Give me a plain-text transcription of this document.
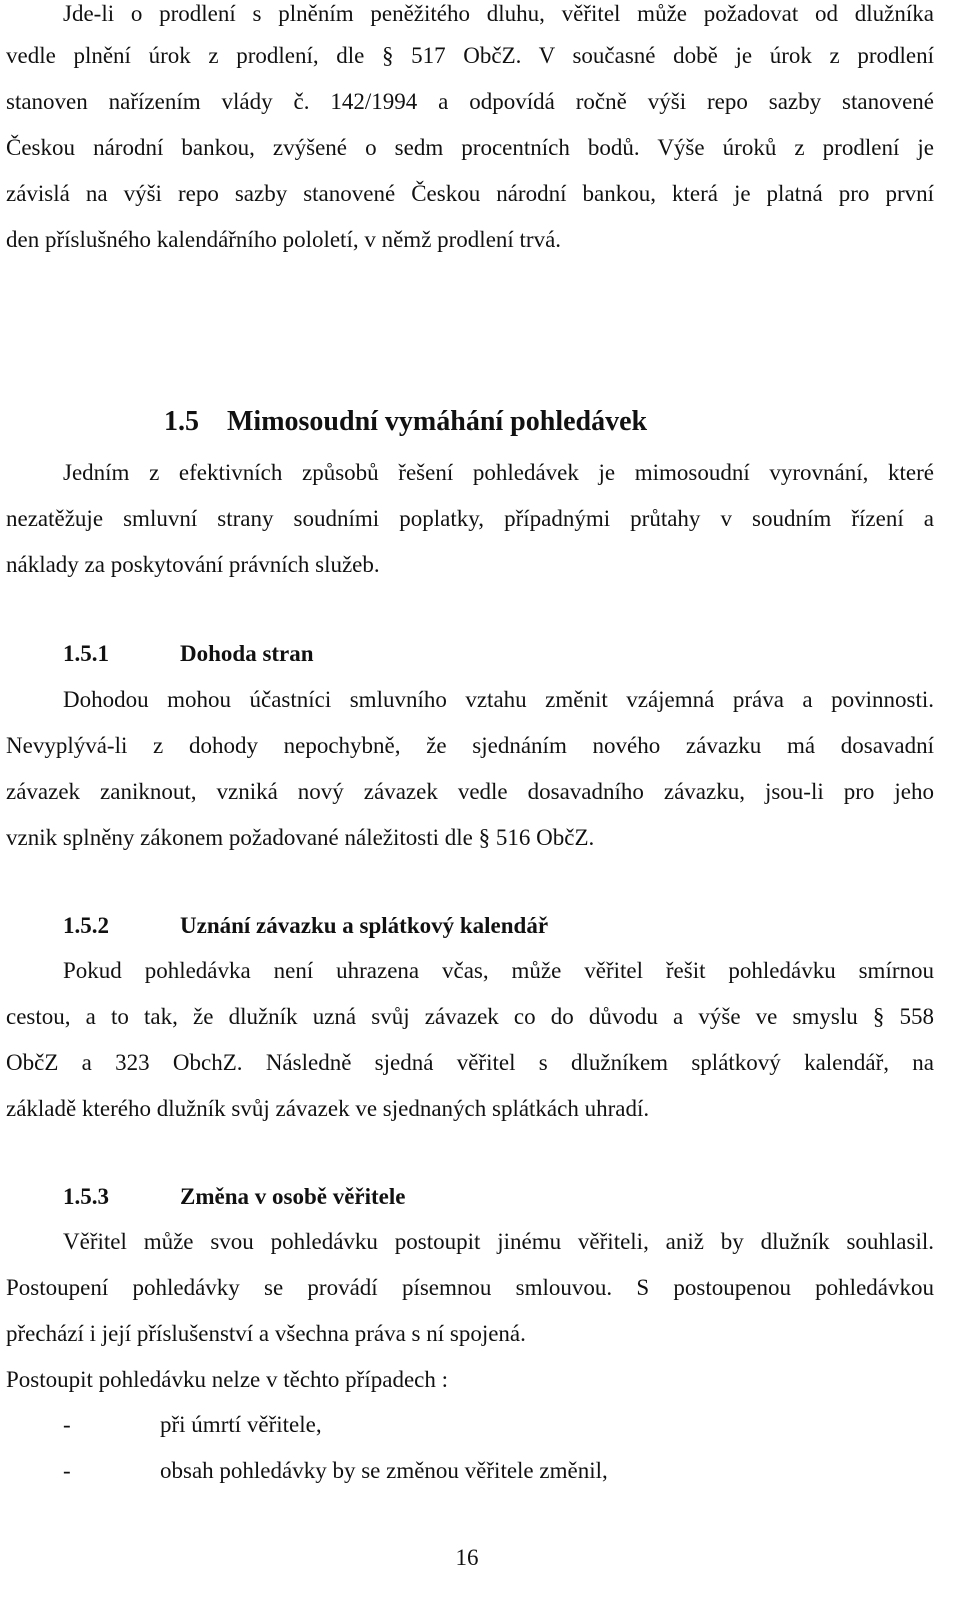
Jde-li o prodlení s plněním peněžitého dluhu, věřitel může požadovat od dlužníka
vedle plnění úrok z prodlení, dle § 517 ObčZ. V současné době je úrok z prodlení
stanoven nařízením vlády č. 142/1994 a odpovídá ročně výši repo sazby stanovené
Českou národní bankou, zvýšené o sedm procentních bodů. Výše úroků z prodlení je
závislá na výši repo sazby stanovené Českou národní bankou, která je platná pro první
den příslušného kalendářního pololetí, v němž prodlení trvá.
1.5 Mimosoudní vymáhání pohledávek
Jedním z efektivních způsobů řešení pohledávek je mimosoudní vyrovnání, které
nezatěžuje smluvní strany soudními poplatky, případnými průtahy v soudním řízení a
náklady za poskytování právních služeb.
1.5.1	Dohoda stran
Dohodou mohou účastníci smluvního vztahu změnit vzájemná práva a povinnosti.
Nevyplývá-li z dohody nepochybně, že sjednáním nového závazku má dosavadní
závazek zaniknout, vzniká nový závazek vedle dosavadního závazku, jsou-li pro jeho
vznik splněny zákonem požadované náležitosti dle § 516 ObčZ.
1.5.2	Uznání závazku a splátkový kalendář
Pokud pohledávka není uhrazena včas, může věřitel řešit pohledávku smírnou
cestou, a to tak, že dlužník uzná svůj závazek co do důvodu a výše ve smyslu § 558
ObčZ a 323 ObchZ. Následně sjedná věřitel s dlužníkem splátkový kalendář, na
základě kterého dlužník svůj závazek ve sjednaných splátkách uhradí.
1.5.3	Změna v osobě věřitele
Věřitel může svou pohledávku postoupit jinému věřiteli, aniž by dlužník souhlasil.
Postoupení pohledávky se provádí písemnou smlouvou. S postoupenou pohledávkou
přechází i její příslušenství a všechna práva s ní spojená.
Postoupit pohledávku nelze v těchto případech :
-	při úmrtí věřitele,
-	obsah pohledávky by se změnou věřitele změnil,
16
